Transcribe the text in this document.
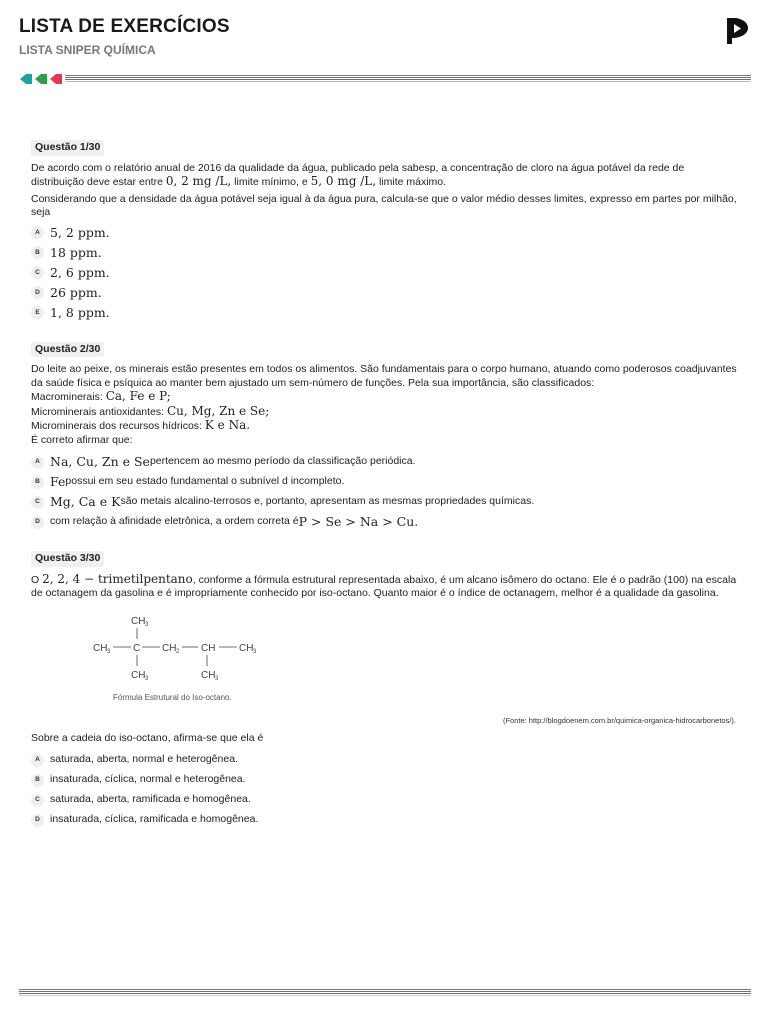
LISTA DE EXERCÍCIOS
LISTA SNIPER QUÍMICA
Questão 1/30

De acordo com o relatório anual de 2016 da qualidade da água, publicado pela sabesp, a concentração de cloro na água potável da rede de distribuição deve estar entre 0, 2 mg /L, limite mínimo, e 5, 0 mg /L, limite máximo.

Considerando que a densidade da água potável seja igual à da água pura, calcula-se que o valor médio desses limites, expresso em partes por milhão, seja

A 5, 2 ppm.
B 18 ppm.
C 2, 6 ppm.
D 26 ppm.
E 1, 8 ppm.
Questão 2/30

Do leite ao peixe, os minerais estão presentes em todos os alimentos. São fundamentais para o corpo humano, atuando como poderosos coadjuvantes da saúde física e psíquica ao manter bem ajustado um sem-número de funções. Pela sua importância, são classificados:

Macrominerais: Ca, Fe e P;
Microminerais antioxidantes: Cu, Mg, Zn e Se;
Microminerais dos recursos hídricos: K e Na.
É correto afirmar que:
A Na, Cu, Zn e Se pertencem ao mesmo período da classificação periódica.
B Fe possui em seu estado fundamental o subnível d incompleto.
C Mg, Ca e K são metais alcalino-terrosos e, portanto, apresentam as mesmas propriedades químicas.
D com relação à afinidade eletrônica, a ordem correta é P > Se > Na > Cu.
Questão 3/30

O 2, 2, 4 − trimetilpentano, conforme a fórmula estrutural representada abaixo, é um alcano isômero do octano. Ele é o padrão (100) na escala de octanagem da gasolina e é impropriamente conhecido por iso-octano. Quanto maior é o índice de octanagem, melhor é a qualidade da gasolina.

CH 3
CH 3 C CH 2 CH CH 3
CH 3	CH 3
Fórmula Estrutural do Iso-octano.
(Fonte: http://blogdoenem.com.br/quimica-organica-hidrocarbonetos/).

Sobre a cadeia do iso-octano, afirma-se que ela é

A saturada, aberta, normal e heterogênea.
B insaturada, cíclica, normal e heterogênea.
C saturada, aberta, ramificada e homogênea.
D insaturada, cíclica, ramificada e homogênea.
